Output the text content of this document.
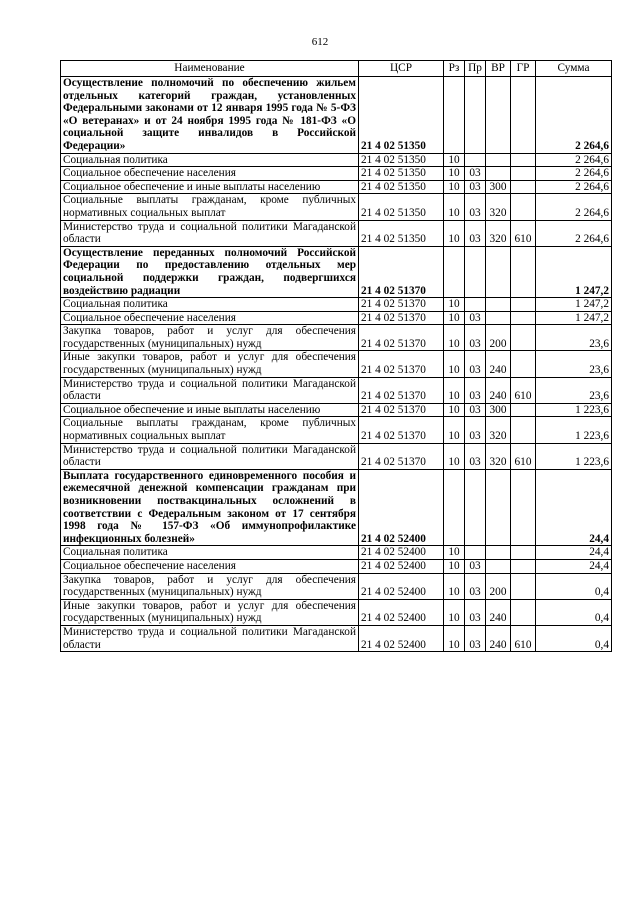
612
Наименование	ЦСР	Рз	Пр	ВР	ГР	Сумма
Осуществление полномочий по обеспечению жильем отдельных категорий граждан, установленных Федеральными законами от 12 января 1995 года № 5-ФЗ «О ветеранах» и от 24 ноября 1995 года № 181-ФЗ «О социальной защите инвалидов в Российской Федерации»	21 4 02 51350					2 264,6
Социальная политика	21 4 02 51350	10				2 264,6
Социальное обеспечение населения	21 4 02 51350	10	03			2 264,6
Социальное обеспечение и иные выплаты населению	21 4 02 51350	10	03	300		2 264,6
Социальные выплаты гражданам, кроме публичных нормативных социальных выплат	21 4 02 51350	10	03	320		2 264,6
Министерство труда и социальной политики Магаданской области	21 4 02 51350	10	03	320	610	2 264,6
Осуществление переданных полномочий Российской Федерации по предоставлению отдельных мер социальной поддержки граждан, подвергшихся воздействию радиации	21 4 02 51370					1 247,2
Социальная политика	21 4 02 51370	10				1 247,2
Социальное обеспечение населения	21 4 02 51370	10	03			1 247,2
Закупка товаров, работ и услуг для обеспечения государственных (муниципальных) нужд	21 4 02 51370	10	03	200		23,6
Иные закупки товаров, работ и услуг для обеспечения государственных (муниципальных) нужд	21 4 02 51370	10	03	240		23,6
Министерство труда и социальной политики Магаданской области	21 4 02 51370	10	03	240	610	23,6
Социальное обеспечение и иные выплаты населению	21 4 02 51370	10	03	300		1 223,6
Социальные выплаты гражданам, кроме публичных нормативных социальных выплат	21 4 02 51370	10	03	320		1 223,6
Министерство труда и социальной политики Магаданской области	21 4 02 51370	10	03	320	610	1 223,6
Выплата государственного единовременного пособия и ежемесячной денежной компенсации гражданам при возникновении поствакцинальных осложнений в соответствии с Федеральным законом от 17 сентября 1998 года № 157-ФЗ «Об иммунопрофилактике инфекционных болезней»	21 4 02 52400					24,4
Социальная политика	21 4 02 52400	10				24,4
Социальное обеспечение населения	21 4 02 52400	10	03			24,4
Закупка товаров, работ и услуг для обеспечения государственных (муниципальных) нужд	21 4 02 52400	10	03	200		0,4
Иные закупки товаров, работ и услуг для обеспечения государственных (муниципальных) нужд	21 4 02 52400	10	03	240		0,4
Министерство труда и социальной политики Магаданской области	21 4 02 52400	10	03	240	610	0,4
